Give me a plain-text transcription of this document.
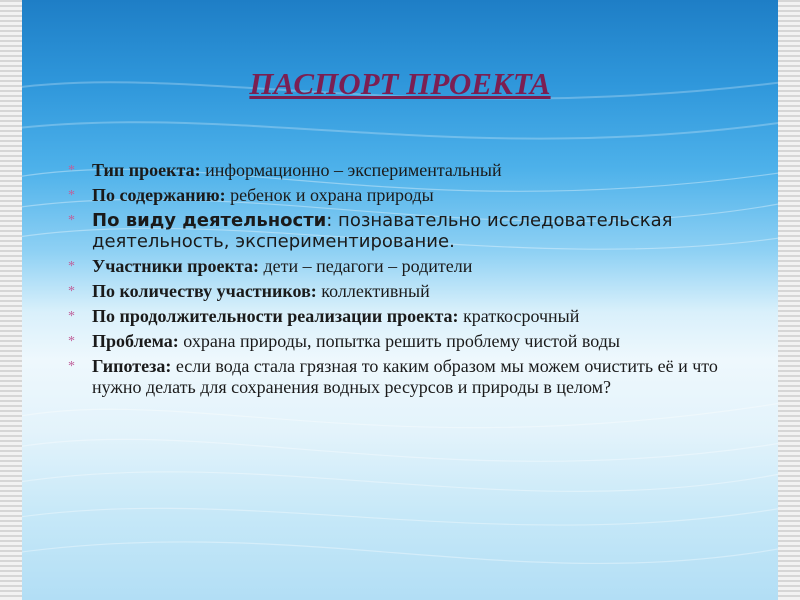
ПАСПОРТ ПРОЕКТА
* Тип проекта: информационно – экспериментальный
* По содержанию: ребенок и охрана природы
* По виду деятельности: познавательно исследовательская деятельность, экспериментирование.
* Участники проекта: дети – педагоги – родители
* По количеству участников: коллективный
* По продолжительности реализации проекта: краткосрочный
* Проблема: охрана природы, попытка решить проблему чистой воды
* Гипотеза: если вода стала грязная то каким образом мы можем очистить её и что нужно делать для сохранения водных ресурсов и природы в целом?
